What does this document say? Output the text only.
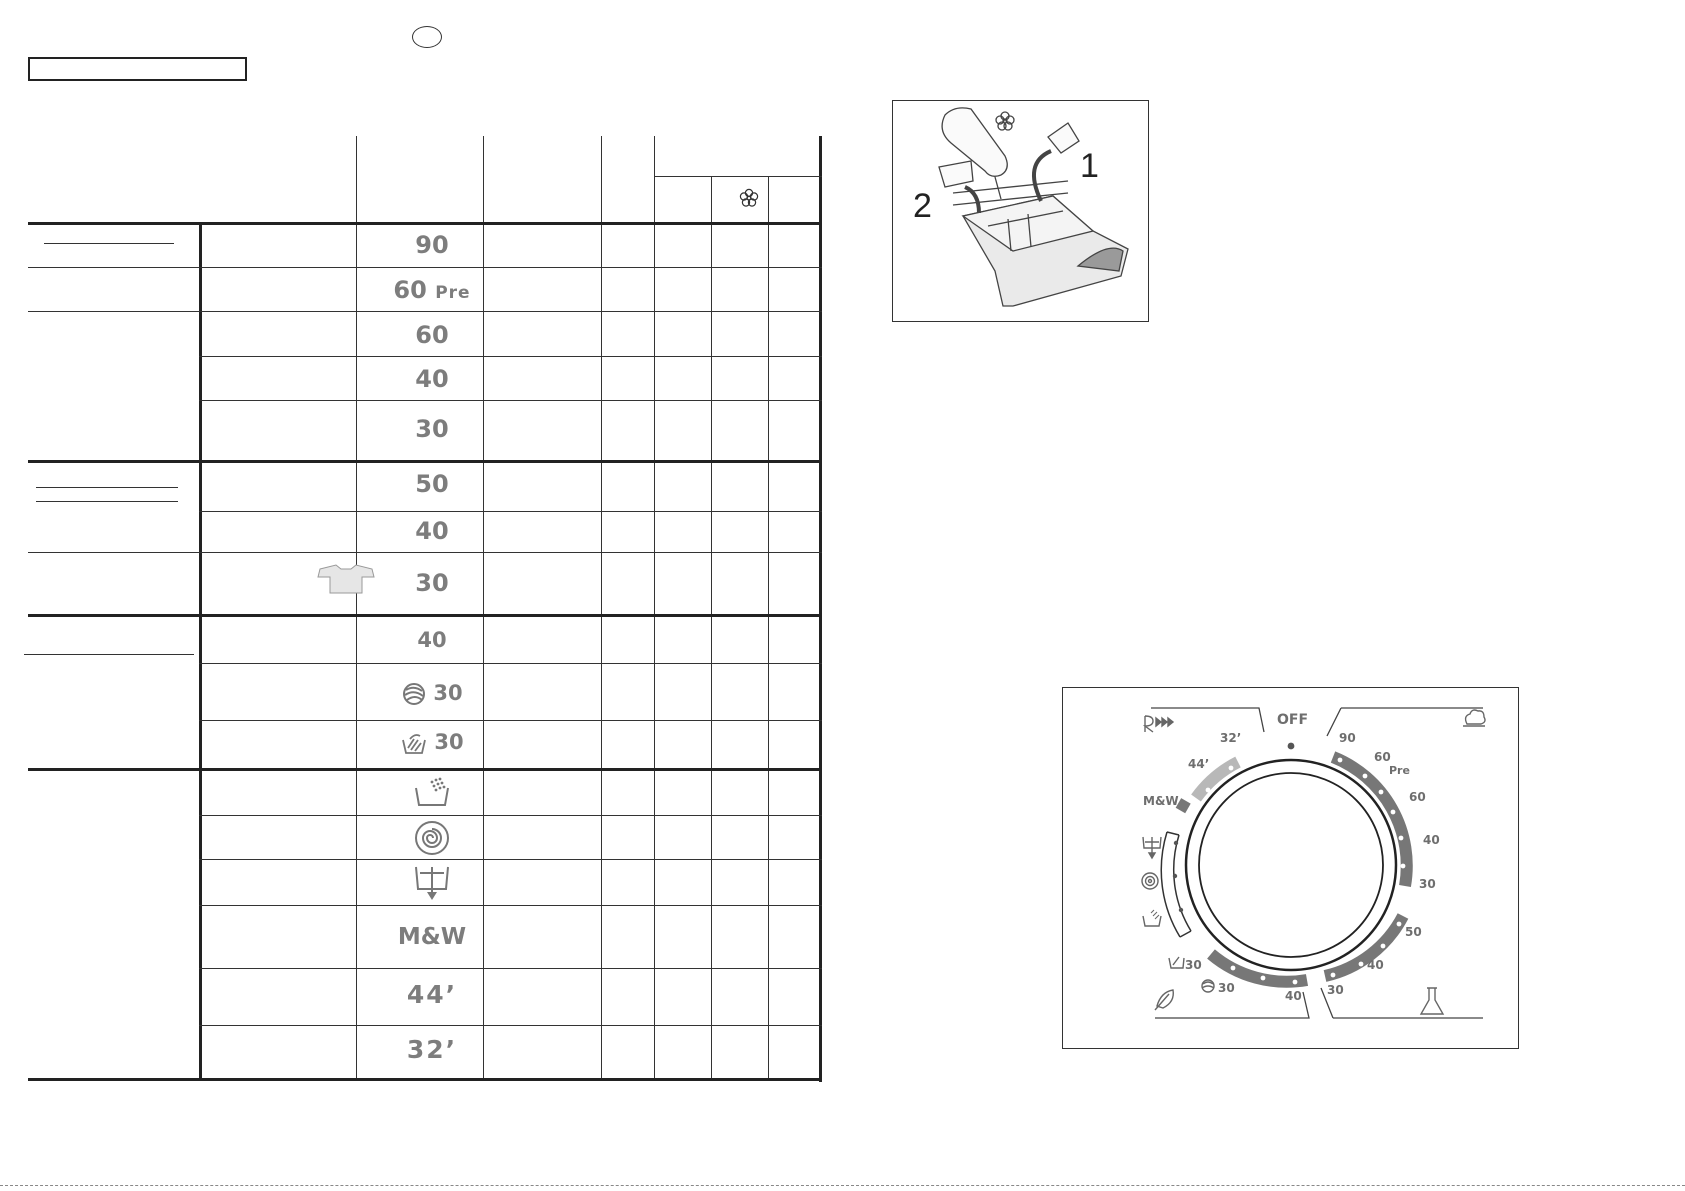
90
60 Pre
60
40
30
50
40
30
40
30
30
M&W
44’
32’
1
2
OFF
32’
44’
M&W
90
60
Pre
60
40
30
50
40
30
40
30
30
